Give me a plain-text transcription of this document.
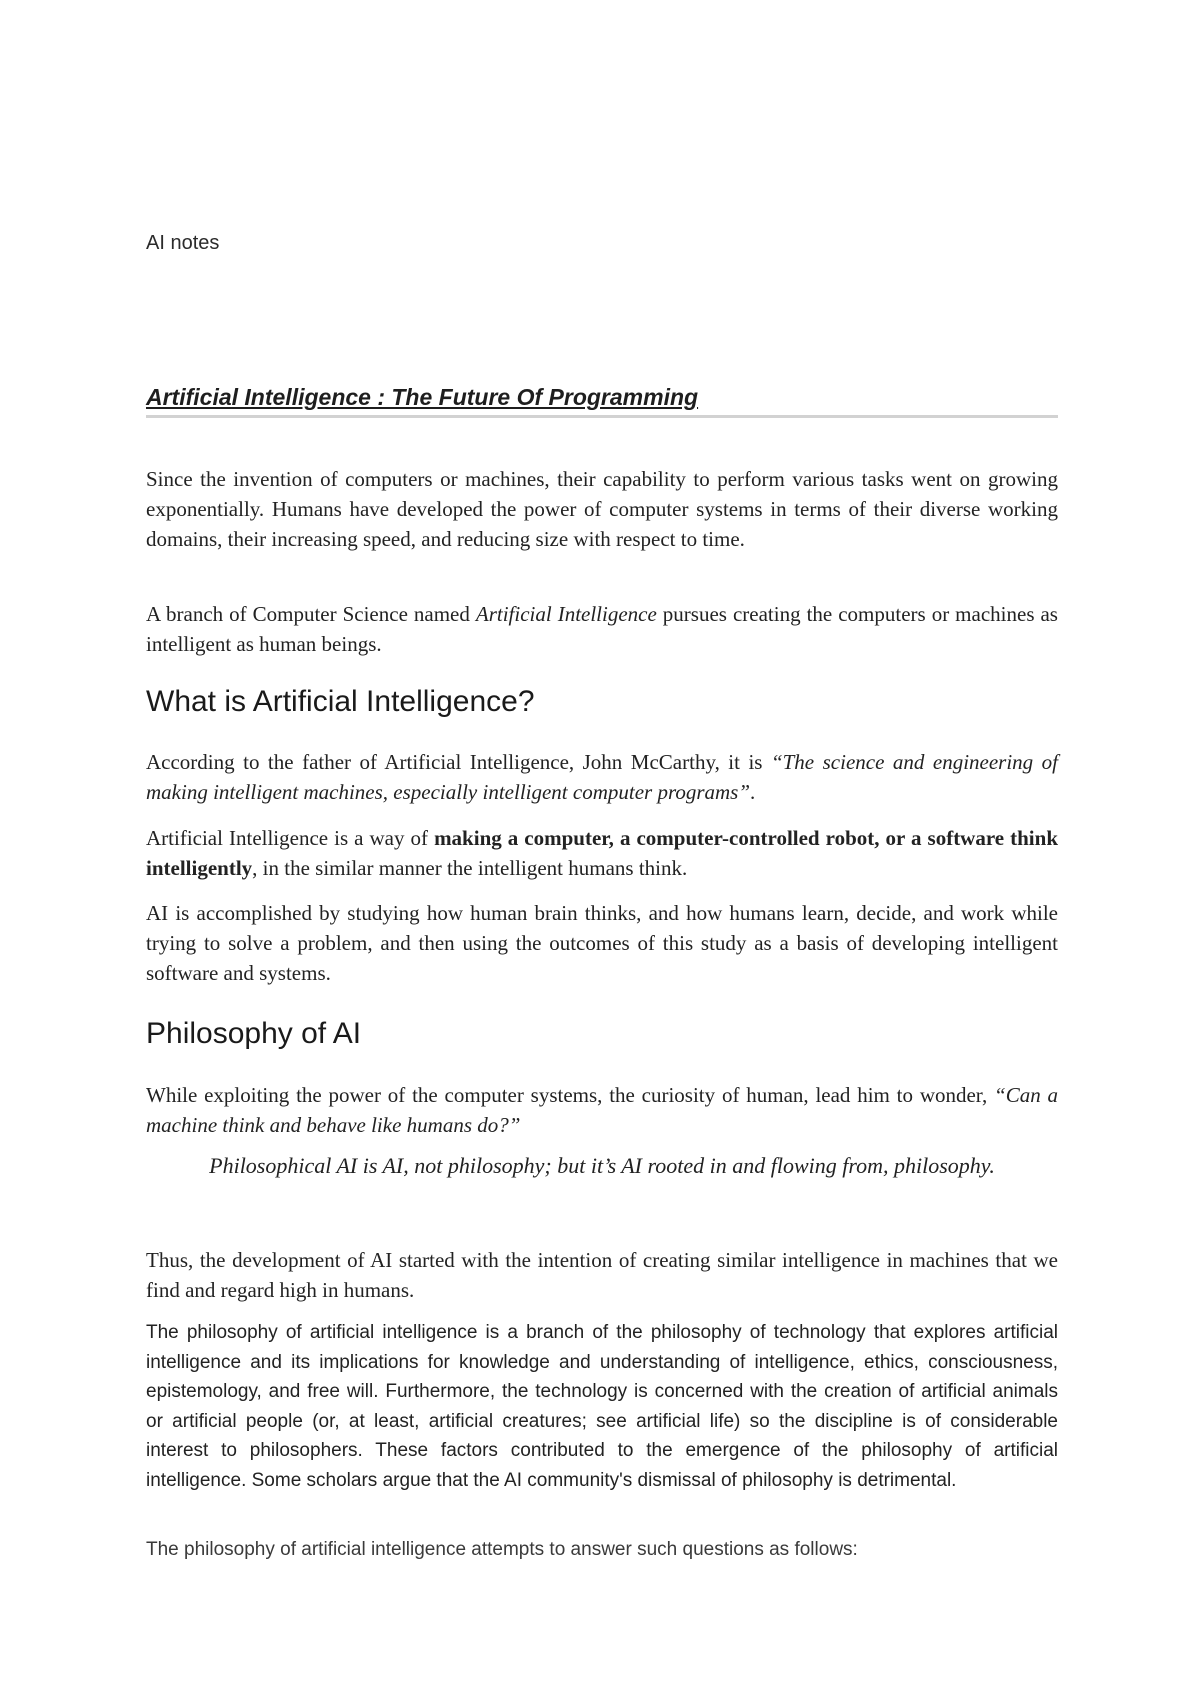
AI notes

Artificial Intelligence : The Future Of Programming

Since the invention of computers or machines, their capability to perform various tasks went on growing exponentially. Humans have developed the power of computer systems in terms of their diverse working domains, their increasing speed, and reducing size with respect to time.

A branch of Computer Science named Artificial Intelligence pursues creating the computers or machines as intelligent as human beings.

What is Artificial Intelligence?

According to the father of Artificial Intelligence, John McCarthy, it is “The science and engineering of making intelligent machines, especially intelligent computer programs”.

Artificial Intelligence is a way of making a computer, a computer-controlled robot, or a software think intelligently, in the similar manner the intelligent humans think.

AI is accomplished by studying how human brain thinks, and how humans learn, decide, and work while trying to solve a problem, and then using the outcomes of this study as a basis of developing intelligent software and systems.

Philosophy of AI

While exploiting the power of the computer systems, the curiosity of human, lead him to wonder, “Can a machine think and behave like humans do?”

Philosophical AI is AI, not philosophy; but it’s AI rooted in and flowing from, philosophy.

Thus, the development of AI started with the intention of creating similar intelligence in machines that we find and regard high in humans.

The philosophy of artificial intelligence is a branch of the philosophy of technology that explores artificial intelligence and its implications for knowledge and understanding of intelligence, ethics, consciousness, epistemology, and free will. Furthermore, the technology is concerned with the creation of artificial animals or artificial people (or, at least, artificial creatures; see artificial life) so the discipline is of considerable interest to philosophers. These factors contributed to the emergence of the philosophy of artificial intelligence. Some scholars argue that the AI community's dismissal of philosophy is detrimental.

The philosophy of artificial intelligence attempts to answer such questions as follows:
